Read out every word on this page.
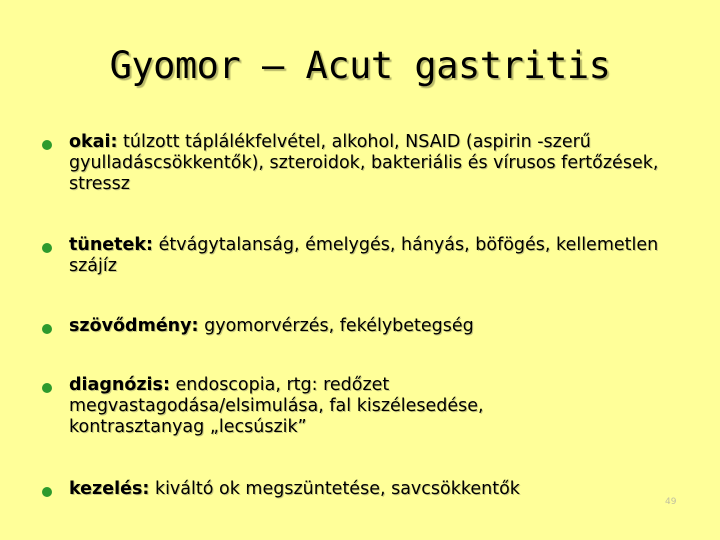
Gyomor – Acut gastritis
okai: túlzott táplálékfelvétel, alkohol, NSAID (aspirin -szerű gyulladáscsökkentők), szteroidok, bakteriális és vírusos fertőzések, stressz
tünetek: étvágytalanság, émelygés, hányás, böfögés, kellemetlen szájíz
szövődmény: gyomorvérzés, fekélybetegség
diagnózis: endoscopia, rtg: redőzet megvastagodása/elsimulása, fal kiszélesedése, kontrasztanyag „lecsúszik”
kezelés: kiváltó ok megszüntetése, savcsökkentők
49
